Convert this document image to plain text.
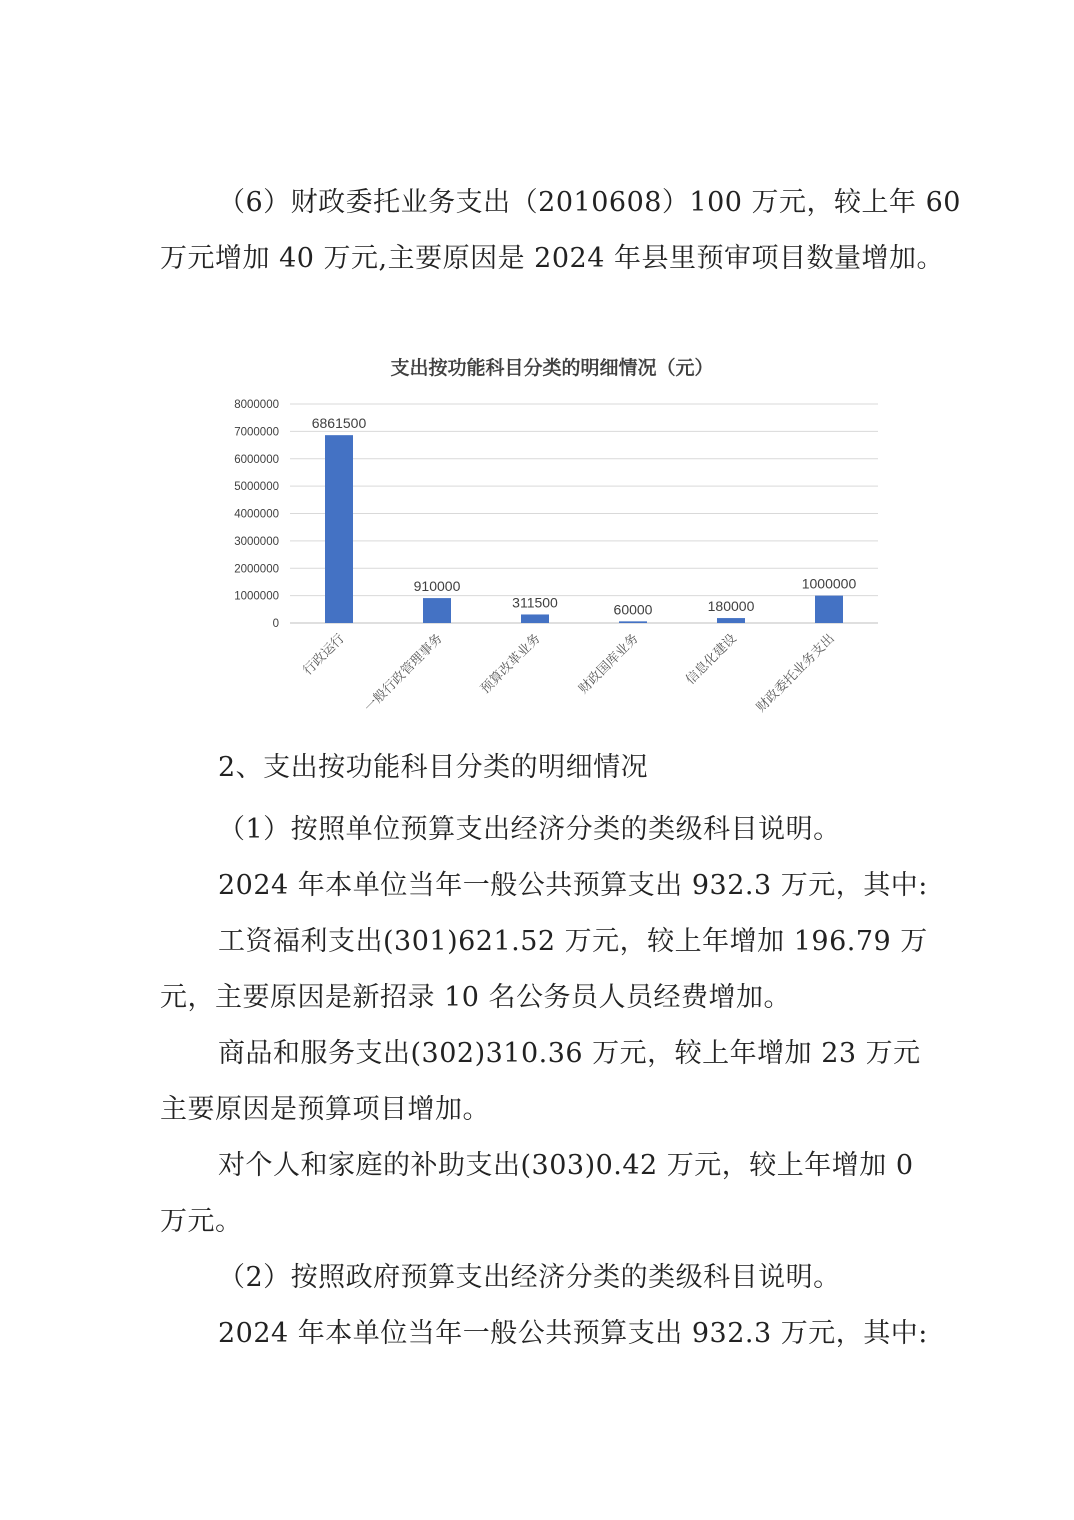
（6）财政委托业务支出（2010608）100 万元，较上年 60
万元增加 40 万元,主要原因是 2024 年县里预审项目数量增加。
支出按功能科目分类的明细情况（元）
0
1000000
2000000
3000000
4000000
5000000
6000000
7000000
8000000
6861500
910000
311500	60000	180000
1000000
行政运行 一般行政管理事务 预算改革业务 财政国库业务	信息化建设 财政委托业务支出
2、支出按功能科目分类的明细情况
（1）按照单位预算支出经济分类的类级科目说明。
2024 年本单位当年一般公共预算支出 932.3 万元，其中:
工资福利支出(301)621.52 万元，较上年增加 196.79 万
元，主要原因是新招录 10 名公务员人员经费增加。
商品和服务支出(302)310.36 万元，较上年增加 23 万元
主要原因是预算项目增加。
对个人和家庭的补助支出(303)0.42 万元，较上年增加 0
万元。
（2）按照政府预算支出经济分类的类级科目说明。
2024 年本单位当年一般公共预算支出 932.3 万元，其中:
